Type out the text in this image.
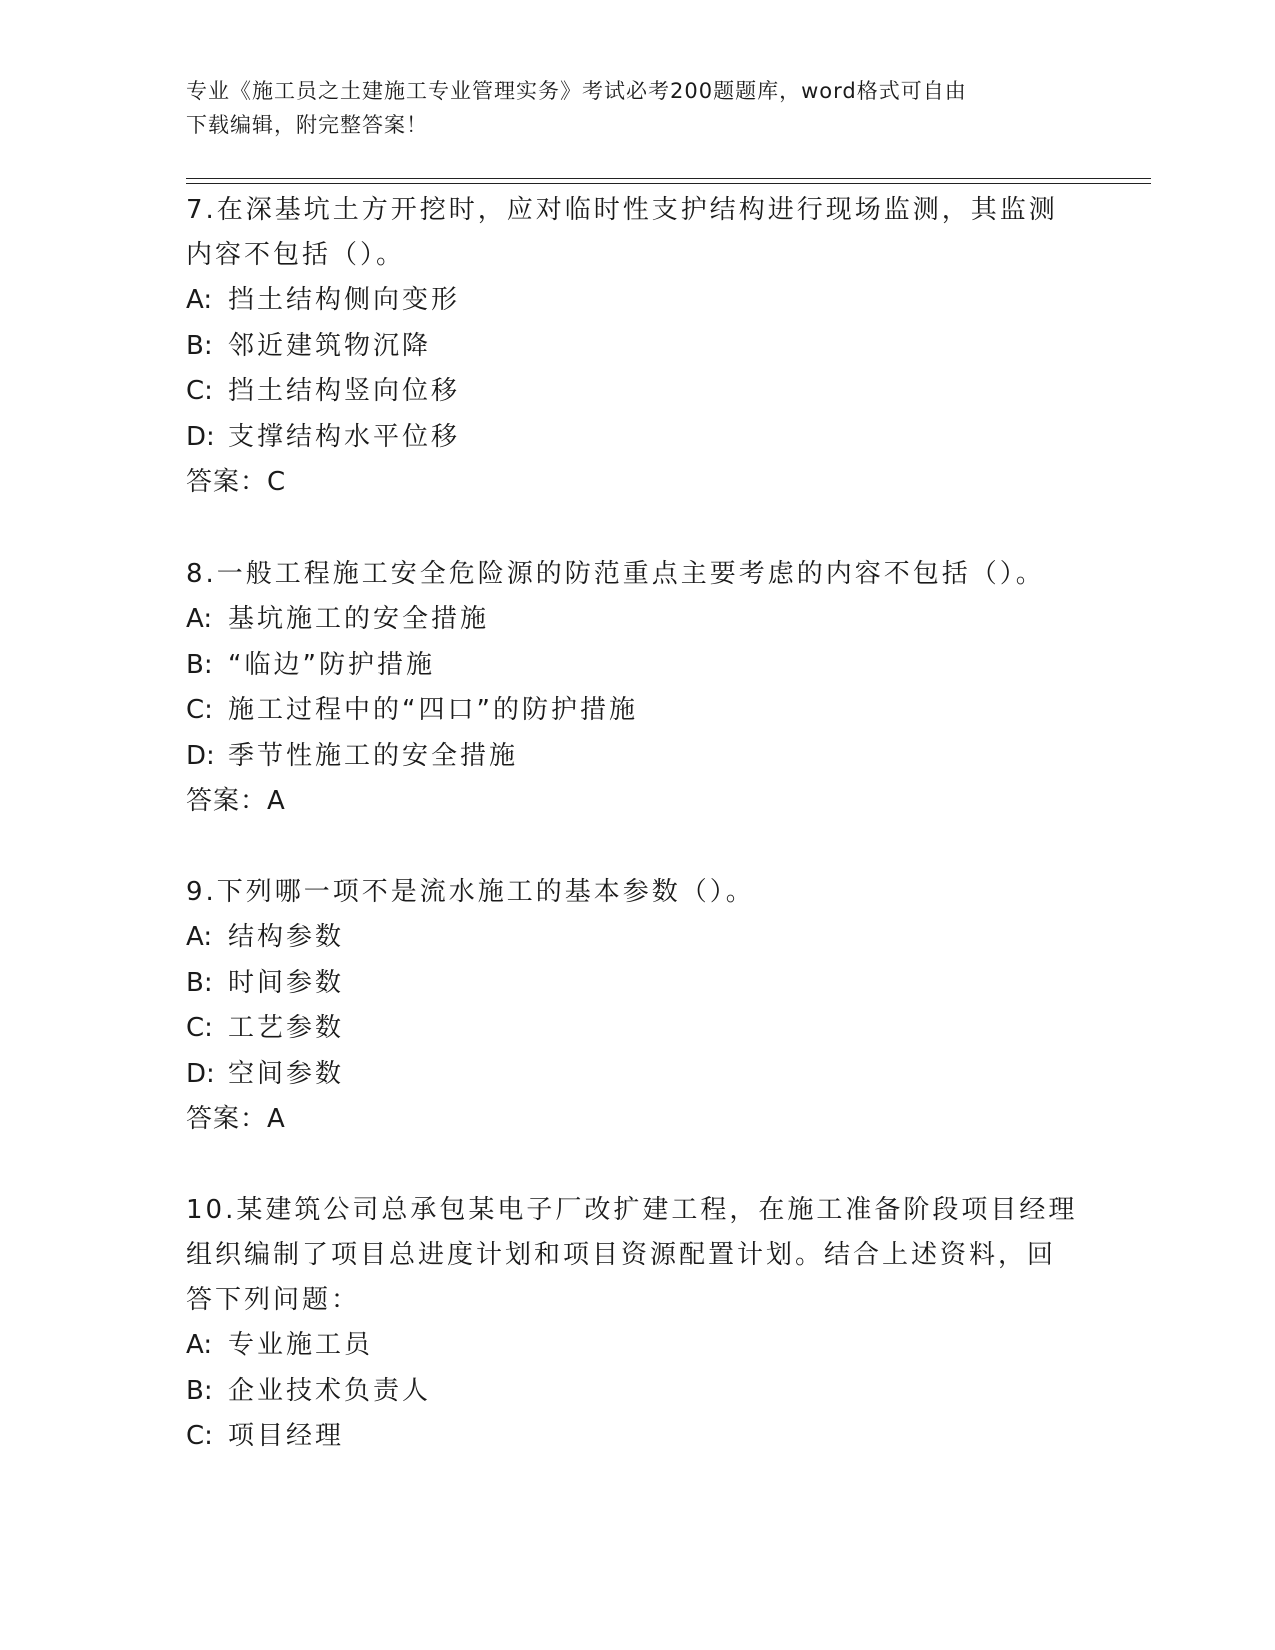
专业《施工员之土建施工专业管理实务》考试必考200题题库，word格式可自由
下载编辑，附完整答案！

7.在深基坑土方开挖时，应对临时性支护结构进行现场监测，其监测

内容不包括（）。

A: 挡土结构侧向变形

B: 邻近建筑物沉降

C: 挡土结构竖向位移

D: 支撑结构水平位移

答案：C

8.一般工程施工安全危险源的防范重点主要考虑的内容不包括（）。

A: 基坑施工的安全措施

B: “临边”防护措施

C: 施工过程中的“四口”的防护措施

D: 季节性施工的安全措施

答案：A

9.下列哪一项不是流水施工的基本参数（）。

A: 结构参数

B: 时间参数

C: 工艺参数

D: 空间参数

答案：A

10.某建筑公司总承包某电子厂改扩建工程，在施工准备阶段项目经理

组织编制了项目总进度计划和项目资源配置计划。结合上述资料，回

答下列问题：

A: 专业施工员

B: 企业技术负责人

C: 项目经理
